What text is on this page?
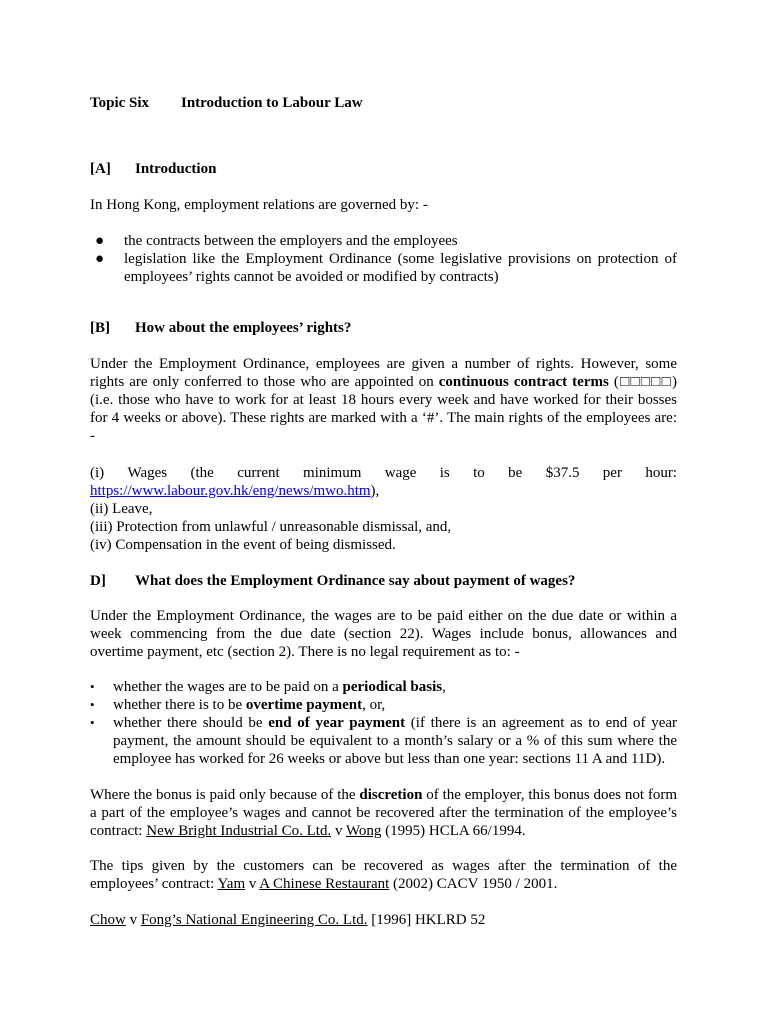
Topic Six Introduction to Labour Law
[A] Introduction
In Hong Kong, employment relations are governed by: -
● the contracts between the employers and the employees
● legislation like the Employment Ordinance (some legislative provisions on protection of employees’ rights cannot be avoided or modified by contracts)
[B] How about the employees’ rights?
Under the Employment Ordinance, employees are given a number of rights. However, some rights are only conferred to those who are appointed on continuous contract terms (□□□□□) (i.e. those who have to work for at least 18 hours every week and have worked for their bosses for 4 weeks or above). These rights are marked with a ‘#’. The main rights of the employees are: -
(i) Wages (the current minimum wage is to be $37.5 per hour:
https://www.labour.gov.hk/eng/news/mwo.htm),
(ii) Leave,
(iii) Protection from unlawful / unreasonable dismissal, and,
(iv) Compensation in the event of being dismissed.
D] What does the Employment Ordinance say about payment of wages?
Under the Employment Ordinance, the wages are to be paid either on the due date or within a week commencing from the due date (section 22). Wages include bonus, allowances and overtime payment, etc (section 2). There is no legal requirement as to: -
• whether the wages are to be paid on a periodical basis,
• whether there is to be overtime payment, or,
• whether there should be end of year payment (if there is an agreement as to end of year payment, the amount should be equivalent to a month’s salary or a % of this sum where the employee has worked for 26 weeks or above but less than one year: sections 11 A and 11D).
Where the bonus is paid only because of the discretion of the employer, this bonus does not form a part of the employee’s wages and cannot be recovered after the termination of the employee’s contract: New Bright Industrial Co. Ltd. v Wong (1995) HCLA 66/1994.
The tips given by the customers can be recovered as wages after the termination of the employees’ contract: Yam v A Chinese Restaurant (2002) CACV 1950 / 2001.
Chow v Fong’s National Engineering Co. Ltd. [1996] HKLRD 52
